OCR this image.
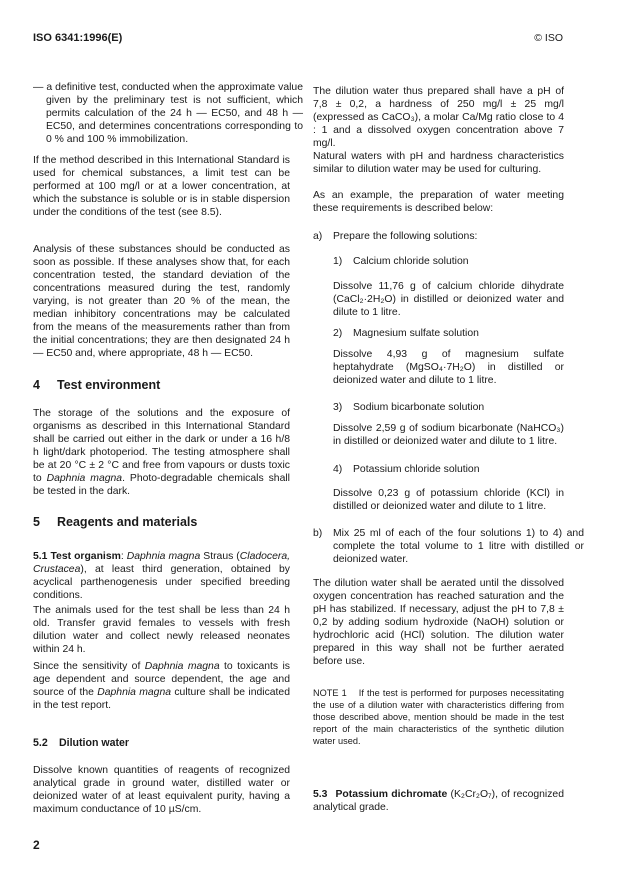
ISO 6341:1996(E)	© ISO
— a definitive test, conducted when the approximate value given by the preliminary test is not sufficient, which permits calculation of the 24 h — EC50, and 48 h — EC50, and determines concentrations corresponding to 0 % and 100 % immobilization.
If the method described in this International Standard is used for chemical substances, a limit test can be performed at 100 mg/l or at a lower concentration, at which the substance is soluble or is in stable dispersion under the conditions of the test (see 8.5).
Analysis of these substances should be conducted as soon as possible. If these analyses show that, for each concentration tested, the standard deviation of the concentrations measured during the test, randomly varying, is not greater than 20 % of the mean, the median inhibitory concentrations may be calculated from the means of the measurements rather than from the initial concentrations; they are then designated 24 h — EC50 and, where appropriate, 48 h — EC50.
4 Test environment
The storage of the solutions and the exposure of organisms as described in this International Standard shall be carried out either in the dark or under a 16 h/8 h light/dark photoperiod. The testing atmosphere shall be at 20 °C ± 2 °C and free from vapours or dusts toxic to Daphnia magna. Photo-degradable chemicals shall be tested in the dark.
5 Reagents and materials
5.1 Test organism: Daphnia magna Straus (Cladocera, Crustacea), at least third generation, obtained by acyclical parthenogenesis under specified breeding conditions.
The animals used for the test shall be less than 24 h old. Transfer gravid females to vessels with fresh dilution water and collect newly released neonates within 24 h.
Since the sensitivity of Daphnia magna to toxicants is age dependent and source dependent, the age and source of the Daphnia magna culture shall be indicated in the test report.
5.2 Dilution water
Dissolve known quantities of reagents of recognized analytical grade in ground water, distilled water or deionized water of at least equivalent purity, having a maximum conductance of 10 µS/cm.
2
The dilution water thus prepared shall have a pH of 7,8 ± 0,2, a hardness of 250 mg/l ± 25 mg/l (expressed as CaCO₃), a molar Ca/Mg ratio close to 4 : 1 and a dissolved oxygen concentration above 7 mg/l.
Natural waters with pH and hardness characteristics similar to dilution water may be used for culturing.
As an example, the preparation of water meeting these requirements is described below:
a) Prepare the following solutions:
1) Calcium chloride solution
Dissolve 11,76 g of calcium chloride dihydrate (CaCl₂·2H₂O) in distilled or deionized water and dilute to 1 litre.
2) Magnesium sulfate solution
Dissolve 4,93 g of magnesium sulfate heptahydrate (MgSO₄·7H₂O) in distilled or deionized water and dilute to 1 litre.
3) Sodium bicarbonate solution
Dissolve 2,59 g of sodium bicarbonate (NaHCO₃) in distilled or deionized water and dilute to 1 litre.
4) Potassium chloride solution
Dissolve 0,23 g of potassium chloride (KCl) in distilled or deionized water and dilute to 1 litre.
b) Mix 25 ml of each of the four solutions 1) to 4) and complete the total volume to 1 litre with distilled or deionized water.
The dilution water shall be aerated until the dissolved oxygen concentration has reached saturation and the pH has stabilized. If necessary, adjust the pH to 7,8 ± 0,2 by adding sodium hydroxide (NaOH) solution or hydrochloric acid (HCl) solution. The dilution water prepared in this way shall not be further aerated before use.
NOTE 1 If the test is performed for purposes necessitating the use of a dilution water with characteristics differing from those described above, mention should be made in the test report of the main characteristics of the synthetic dilution water used.
5.3 Potassium dichromate (K₂Cr₂O₇), of recognized analytical grade.
